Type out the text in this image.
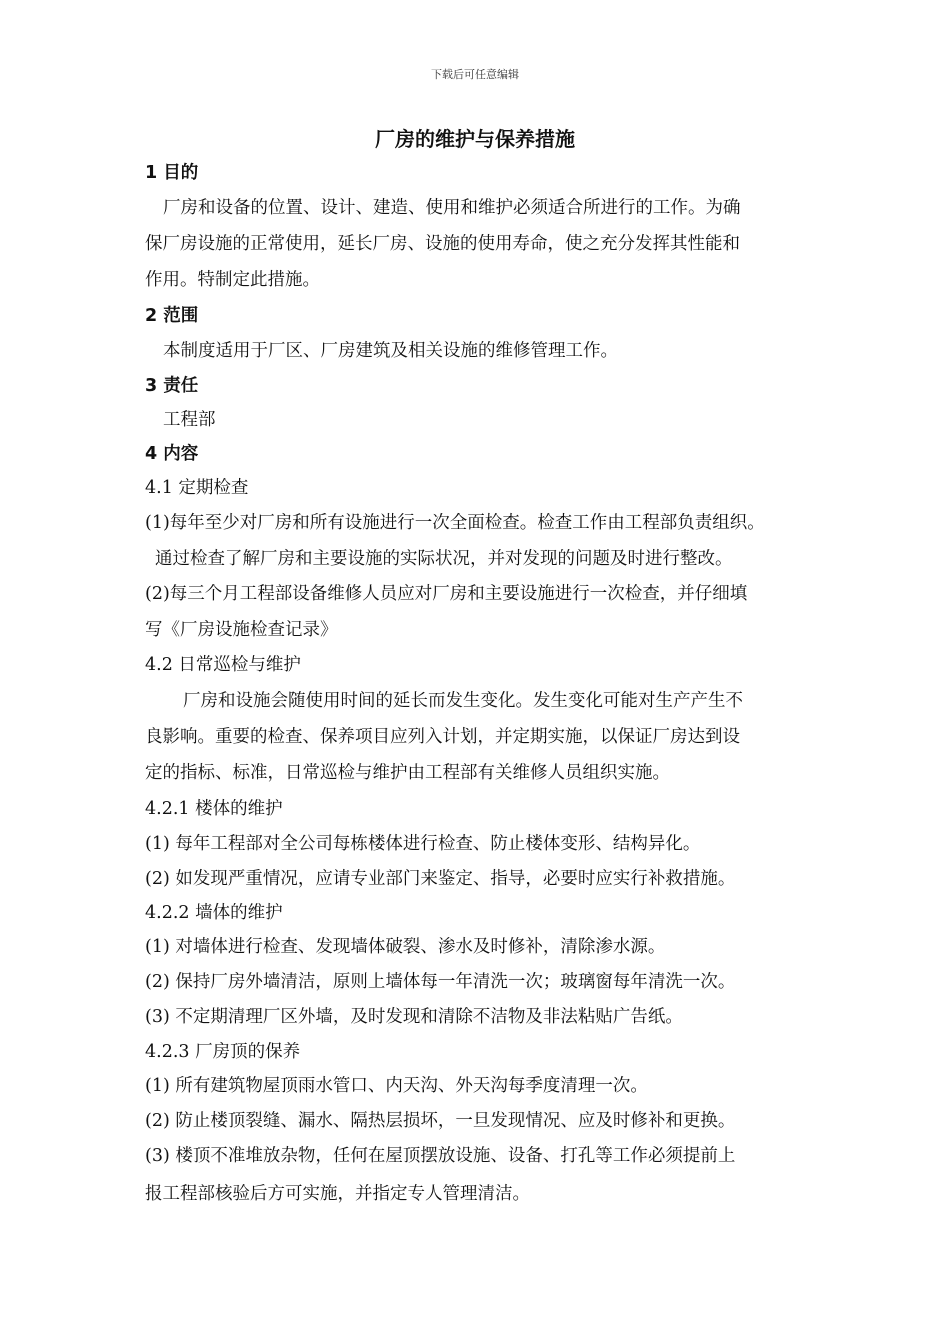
下载后可任意编辑
厂房的维护与保养措施
1 目的
厂房和设备的位置、设计、建造、使用和维护必须适合所进行的工作。为确
保厂房设施的正常使用，延长厂房、设施的使用寿命，使之充分发挥其性能和
作用。特制定此措施。
2 范围
本制度适用于厂区、厂房建筑及相关设施的维修管理工作。
3 责任
工程部
4 内容
4.1 定期检查
(1)每年至少对厂房和所有设施进行一次全面检查。检查工作由工程部负责组织。
通过检查了解厂房和主要设施的实际状况，并对发现的问题及时进行整改。
(2)每三个月工程部设备维修人员应对厂房和主要设施进行一次检查，并仔细填
写《厂房设施检查记录》
4.2 日常巡检与维护
厂房和设施会随使用时间的延长而发生变化。发生变化可能对生产产生不
良影响。重要的检查、保养项目应列入计划，并定期实施，以保证厂房达到设
定的指标、标准，日常巡检与维护由工程部有关维修人员组织实施。
4.2.1 楼体的维护
(1) 每年工程部对全公司每栋楼体进行检查、防止楼体变形、结构异化。
(2) 如发现严重情况，应请专业部门来鉴定、指导，必要时应实行补救措施。
4.2.2 墙体的维护
(1) 对墙体进行检查、发现墙体破裂、渗水及时修补，清除渗水源。
(2) 保持厂房外墙清洁，原则上墙体每一年清洗一次；玻璃窗每年清洗一次。
(3) 不定期清理厂区外墙，及时发现和清除不洁物及非法粘贴广告纸。
4.2.3 厂房顶的保养
(1) 所有建筑物屋顶雨水管口、内天沟、外天沟每季度清理一次。
(2) 防止楼顶裂缝、漏水、隔热层损坏，一旦发现情况、应及时修补和更换。
(3) 楼顶不准堆放杂物，任何在屋顶摆放设施、设备、打孔等工作必须提前上
报工程部核验后方可实施，并指定专人管理清洁。
